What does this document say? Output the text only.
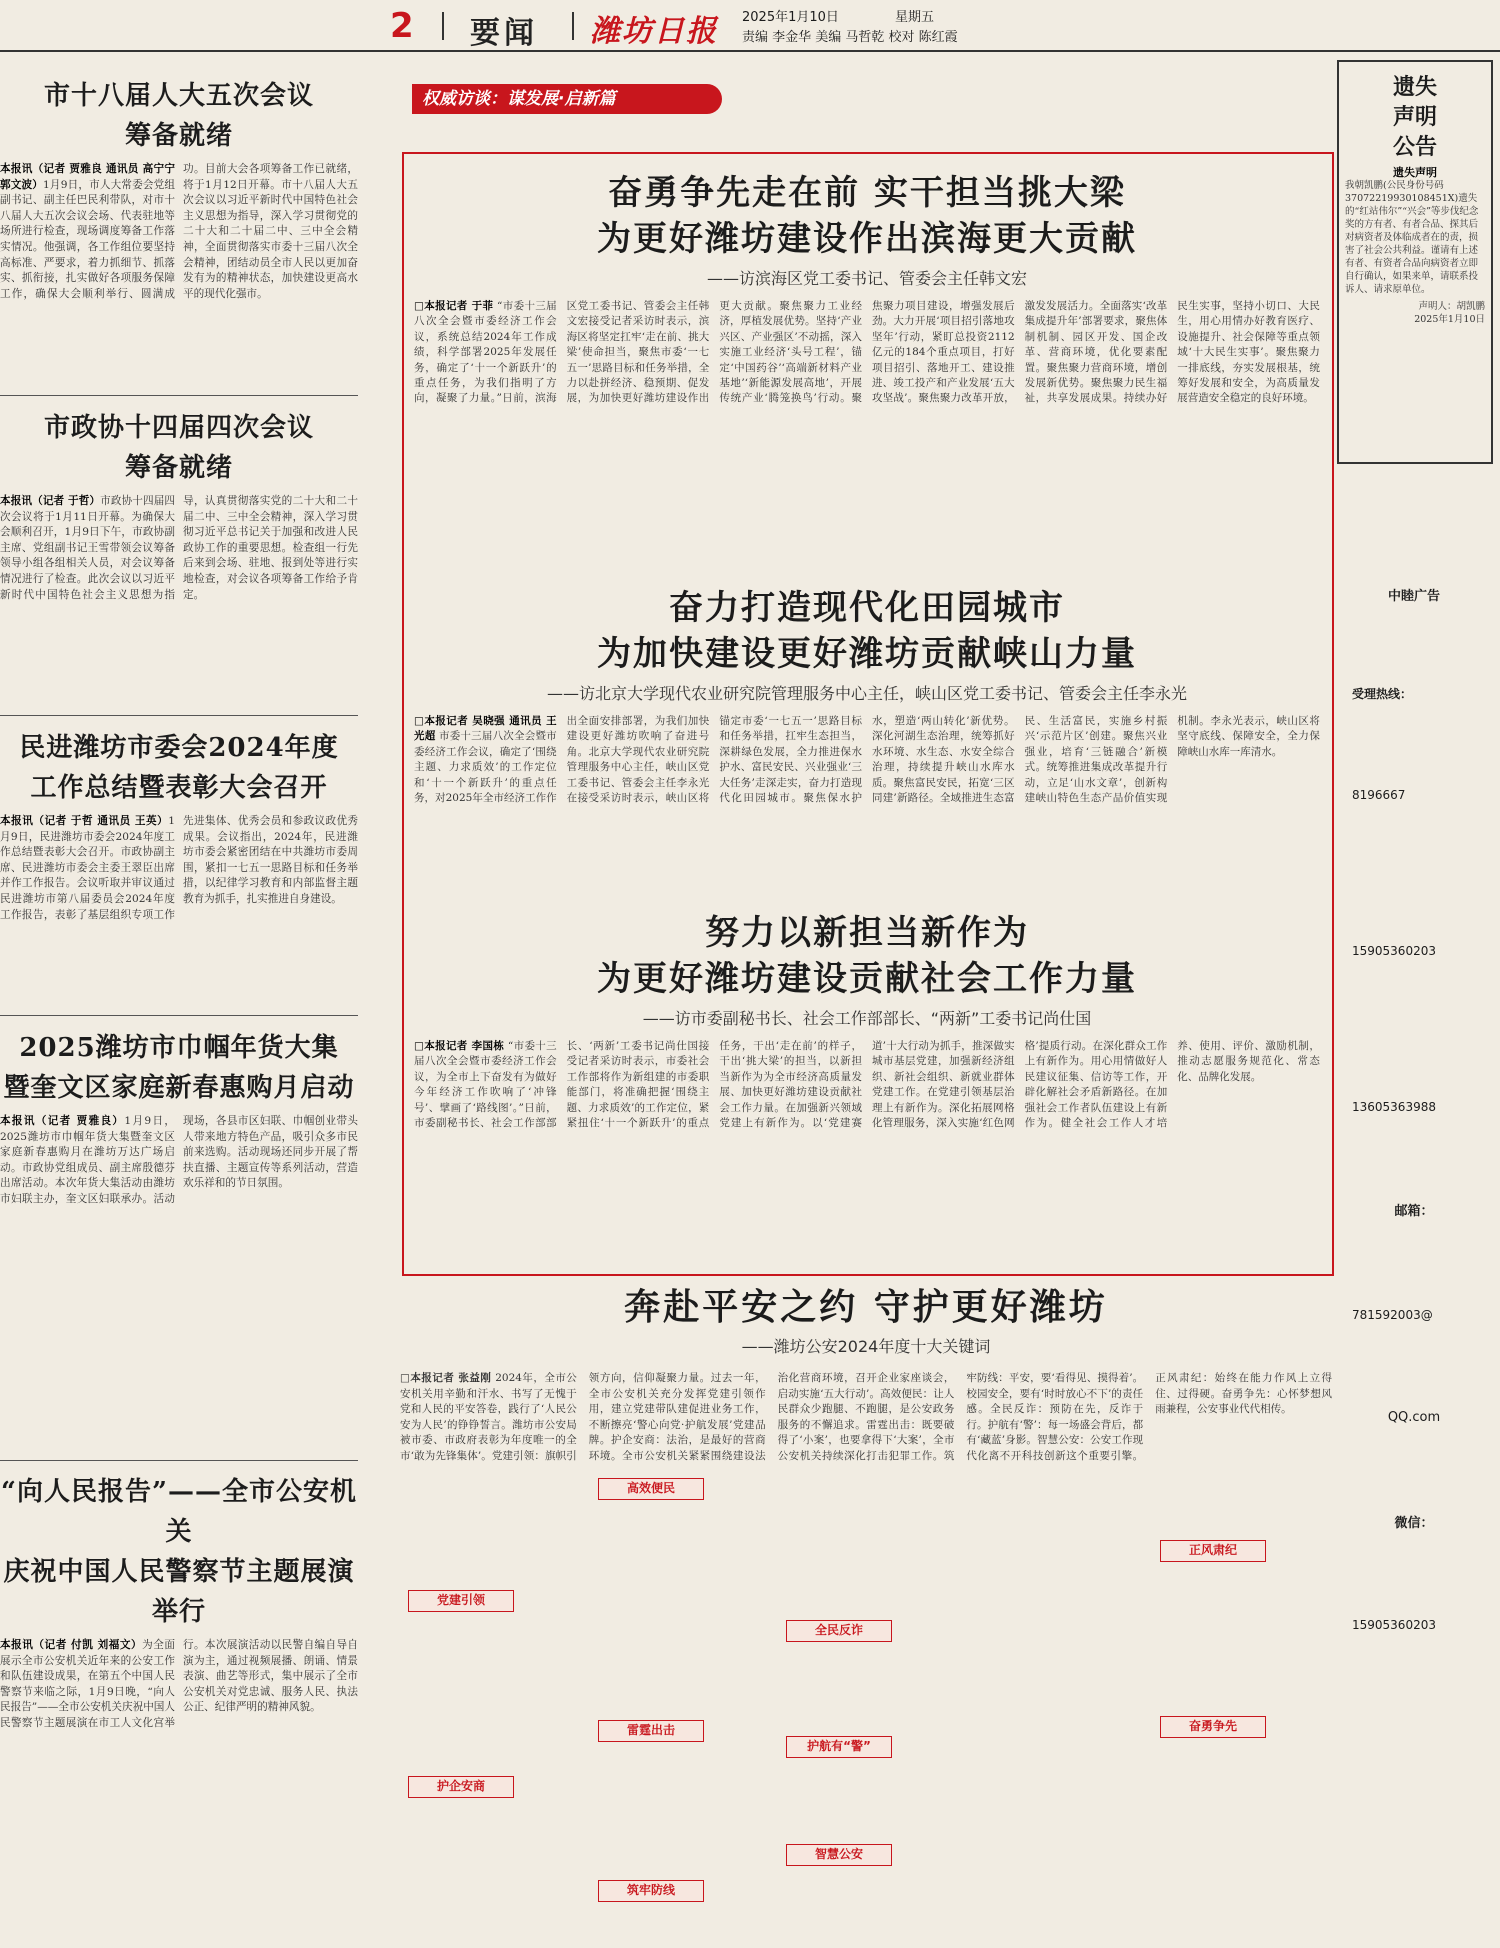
2 要闻 潍坊日报 2025年1月10日	星期五
责编 李金华 美编 马哲乾 校对 陈红霞
市十八届人大五次会议
筹备就绪

本报讯（记者 贾雅良 通讯员 高宁宁 郭文波）1月9日，市人大常委会党组副书记、副主任巴民利带队，对市十八届人大五次会议会场、代表驻地等场所进行检查，现场调度筹备工作落实情况。他强调，各工作组位要坚持高标准、严要求，着力抓细节、抓落实、抓衔接，扎实做好各项服务保障工作，确保大会顺利举行、圆满成功。目前大会各项筹备工作已就绪，将于1月12日开幕。市十八届人大五次会议以习近平新时代中国特色社会主义思想为指导，深入学习贯彻党的二十大和二十届二中、三中全会精神，全面贯彻落实市委十三届八次全会精神，团结动员全市人民以更加奋发有为的精神状态，加快建设更高水平的现代化强市。

市政协十四届四次会议
筹备就绪

本报讯（记者 于哲）市政协十四届四次会议将于1月11日开幕。为确保大会顺利召开，1月9日下午，市政协副主席、党组副书记王雪带领会议筹备领导小组各组相关人员，对会议筹备情况进行了检查。此次会议以习近平新时代中国特色社会主义思想为指导，认真贯彻落实党的二十大和二十届二中、三中全会精神，深入学习贯彻习近平总书记关于加强和改进人民政协工作的重要思想。检查组一行先后来到会场、驻地、报到处等进行实地检查，对会议各项筹备工作给予肯定。

民进潍坊市委会2024年度
工作总结暨表彰大会召开

本报讯（记者 于哲 通讯员 王英）1月9日，民进潍坊市委会2024年度工作总结暨表彰大会召开。市政协副主席、民进潍坊市委会主委王翠臣出席并作工作报告。会议听取并审议通过民进潍坊市第八届委员会2024年度工作报告，表彰了基层组织专项工作先进集体、优秀会员和参政议政优秀成果。会议指出，2024年，民进潍坊市委会紧密团结在中共潍坊市委周围，紧扣一七五一思路目标和任务举措，以纪律学习教育和内部监督主题教育为抓手，扎实推进自身建设。

2025潍坊市巾帼年货大集
暨奎文区家庭新春惠购月启动

本报讯（记者 贾雅良）1月9日，2025潍坊市巾帼年货大集暨奎文区家庭新春惠购月在潍坊万达广场启动。市政协党组成员、副主席殷德芬出席活动。本次年货大集活动由潍坊市妇联主办，奎文区妇联承办。活动现场，各县市区妇联、巾帼创业带头人带来地方特色产品，吸引众多市民前来选购。活动现场还同步开展了帮扶直播、主题宣传等系列活动，营造欢乐祥和的节日氛围。

“向人民报告”——全市公安机关
庆祝中国人民警察节主题展演举行

本报讯（记者 付凯 刘福文）为全面展示全市公安机关近年来的公安工作和队伍建设成果，在第五个中国人民警察节来临之际，1月9日晚，“向人民报告”——全市公安机关庆祝中国人民警察节主题展演在市工人文化宫举行。本次展演活动以民警自编自导自演为主，通过视频展播、朗诵、情景表演、曲艺等形式，集中展示了全市公安机关对党忠诚、服务人民、执法公正、纪律严明的精神风貌。

权威访谈：谋发展·启新篇
奋勇争先走在前 实干担当挑大梁
为更好潍坊建设作出滨海更大贡献
——访滨海区党工委书记、管委会主任韩文宏

□本报记者 于菲 “市委十三届八次全会暨市委经济工作会议，系统总结2024年工作成绩，科学部署2025年发展任务，确定了‘十一个新跃升’的重点任务，为我们指明了方向，凝聚了力量。”日前，滨海区党工委书记、管委会主任韩文宏接受记者采访时表示，滨海区将坚定扛牢‘走在前、挑大梁’使命担当，聚焦市委‘一七五一’思路目标和任务举措，全力以赴拼经济、稳预期、促发展，为加快更好潍坊建设作出更大贡献。聚焦聚力工业经济，厚植发展优势。坚持‘产业兴区、产业强区’不动摇，深入实施工业经济‘头号工程’，锚定‘中国药谷’‘高端新材料产业基地’‘新能源发展高地’，开展传统产业‘腾笼换鸟’行动。聚焦聚力项目建设，增强发展后劲。大力开展‘项目招引落地攻坚年’行动，紧盯总投资2112亿元的184个重点项目，打好项目招引、落地开工、建设推进、竣工投产和产业发展‘五大攻坚战’。聚焦聚力改革开放，激发发展活力。全面落实‘改革集成提升年’部署要求，聚焦体制机制、园区开发、国企改革、营商环境，优化要素配置。聚焦聚力营商环境，增创发展新优势。聚焦聚力民生福祉，共享发展成果。持续办好民生实事，坚持小切口、大民生，用心用情办好教育医疗、设施提升、社会保障等重点领域‘十大民生实事’。聚焦聚力一排底线，夯实发展根基，统筹好发展和安全，为高质量发展营造安全稳定的良好环境。

奋力打造现代化田园城市
为加快建设更好潍坊贡献峡山力量
——访北京大学现代农业研究院管理服务中心主任，峡山区党工委书记、管委会主任李永光

□本报记者 吴晓强 通讯员 王光超 市委十三届八次全会暨市委经济工作会议，确定了‘围绕主题、力求质效’的工作定位和‘十一个新跃升’的重点任务，对2025年全市经济工作作出全面安排部署，为我们加快建设更好潍坊吹响了奋进号角。北京大学现代农业研究院管理服务中心主任，峡山区党工委书记、管委会主任李永光在接受采访时表示，峡山区将锚定市委‘一七五一’思路目标和任务举措，扛牢生态担当，深耕绿色发展，全力推进保水护水、富民安民、兴业强业‘三大任务’走深走实，奋力打造现代化田园城市。聚焦保水护水，塑造‘两山转化’新优势。深化河湖生态治理，统筹抓好水环境、水生态、水安全综合治理，持续提升峡山水库水质。聚焦富民安民，拓宽‘三区同建’新路径。全域推进生态富民、生活富民，实施乡村振兴‘示范片区’创建。聚焦兴业强业，培育‘三链融合’新模式。统筹推进集成改革提升行动，立足‘山水文章’，创新构建峡山特色生态产品价值实现机制。李永光表示，峡山区将坚守底线、保障安全，全力保障峡山水库一库清水。

努力以新担当新作为
为更好潍坊建设贡献社会工作力量
——访市委副秘书长、社会工作部部长、“两新”工委书记尚仕国

□本报记者 李国栋 “市委十三届八次全会暨市委经济工作会议，为全市上下奋发有为做好今年经济工作吹响了‘冲锋号’、擘画了‘路线图’。”日前，市委副秘书长、社会工作部部长、‘两新’工委书记尚仕国接受记者采访时表示，市委社会工作部将作为新组建的市委职能部门，将准确把握‘围绕主题、力求质效’的工作定位，紧紧扭住‘十一个新跃升’的重点任务，干出‘走在前’的样子，干出‘挑大梁’的担当，以新担当新作为为全市经济高质量发展、加快更好潍坊建设贡献社会工作力量。在加强新兴领域党建上有新作为。以‘党建赛道’十大行动为抓手，推深做实城市基层党建，加强新经济组织、新社会组织、新就业群体党建工作。在党建引领基层治理上有新作为。深化拓展网格化管理服务，深入实施‘红色网格’提质行动。在深化群众工作上有新作为。用心用情做好人民建议征集、信访等工作，开辟化解社会矛盾新路径。在加强社会工作者队伍建设上有新作为。健全社会工作人才培养、使用、评价、激励机制，推动志愿服务规范化、常态化、品牌化发展。

奔赴平安之约 守护更好潍坊
——潍坊公安2024年度十大关键词

□本报记者 张益刚 2024年，全市公安机关用辛勤和汗水、书写了无愧于党和人民的平安答卷，践行了‘人民公安为人民’的铮铮誓言。潍坊市公安局被市委、市政府表彰为年度唯一的全市‘敢为先锋集体’。党建引领：旗帜引领方向，信仰凝聚力量。过去一年，全市公安机关充分发挥党建引领作用，建立党建带队建促进业务工作，不断擦亮‘警心向党·护航发展’党建品牌。护企安商：法治，是最好的营商环境。全市公安机关紧紧围绕建设法治化营商环境，召开企业家座谈会，启动实施‘五大行动’。高效便民：让人民群众少跑腿、不跑腿，是公安政务服务的不懈追求。雷霆出击：既要破得了‘小案’，也要拿得下‘大案’，全市公安机关持续深化打击犯罪工作。筑牢防线：平安，要‘看得见、摸得着’。校园安全，要有‘时时放心不下’的责任感。全民反诈：预防在先，反诈于行。护航有‘警’：每一场盛会背后，都有‘藏蓝’身影。智慧公安：公安工作现代化离不开科技创新这个重要引擎。正风肃纪：始终在能力作风上立得住、过得硬。奋勇争先：心怀梦想风雨兼程，公安事业代代相传。

党建引领
护企安商
高效便民
雷霆出击
筑牢防线
全民反诈
护航有“警”
智慧公安
正风肃纪
奋勇争先
遗失
声明
公告
遗失声明
我朝凯鹏(公民身份号码37072219930108451X)遗失的“红站伟尔”“兴会”等步伐纪念奖的方有者、有者合品、探其后对病资者及体临成者在的责，损害了社会公共利益。谨请有上述有者、有资者合品向病资者立即自行确认，如果来单，请联系投诉人、请求原单位。
声明人：胡凯鹏
2025年1月10日
中睦广告
受理热线：
8196667
15905360203
13605363988
邮箱：
781592003@
QQ.com
微信：
15905360203
